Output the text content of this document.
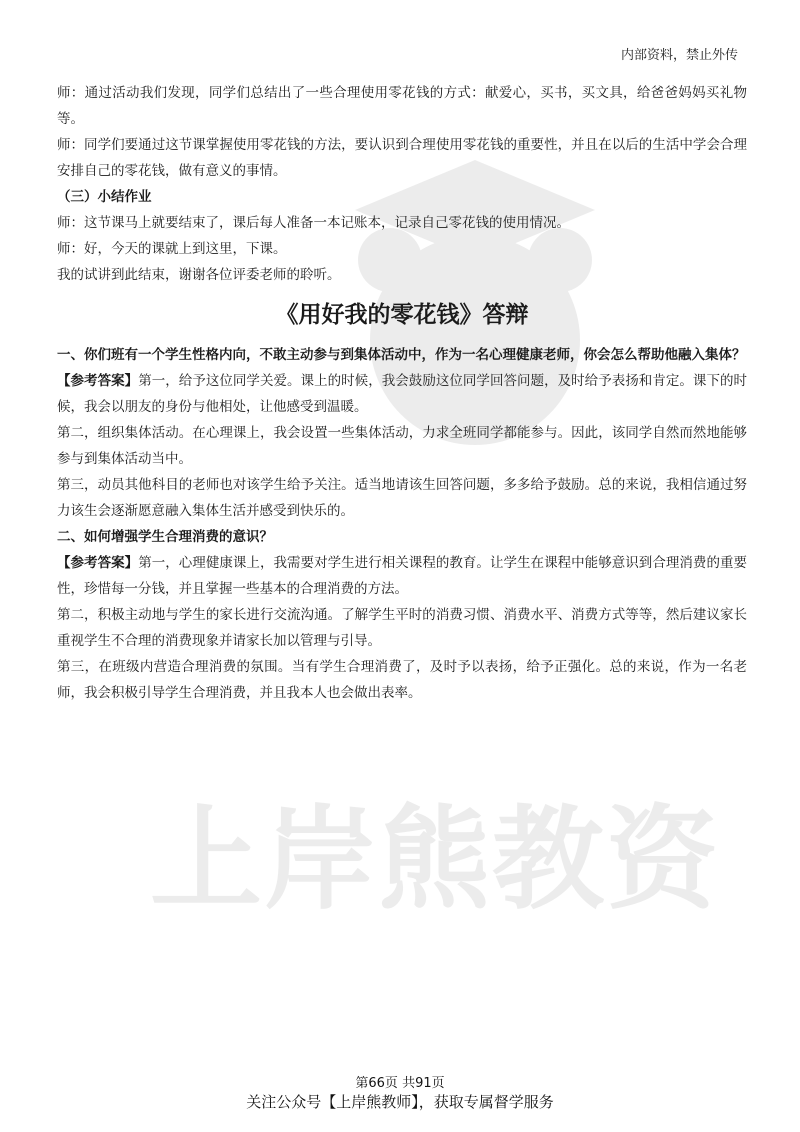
上岸熊教资
内部资料，禁止外传

师：通过活动我们发现，同学们总结出了一些合理使用零花钱的方式：献爱心，买书，买文具，给爸爸妈妈买礼物等。

师：同学们要通过这节课掌握使用零花钱的方法，要认识到合理使用零花钱的重要性，并且在以后的生活中学会合理安排自己的零花钱，做有意义的事情。

（三）小结作业

师：这节课马上就要结束了，课后每人准备一本记账本，记录自己零花钱的使用情况。

师：好，今天的课就上到这里，下课。

我的试讲到此结束，谢谢各位评委老师的聆听。

《用好我的零花钱》答辩

一、你们班有一个学生性格内向，不敢主动参与到集体活动中，作为一名心理健康老师，你会怎么帮助他融入集体？

【参考答案】第一，给予这位同学关爱。课上的时候，我会鼓励这位同学回答问题，及时给予表扬和肯定。课下的时候，我会以朋友的身份与他相处，让他感受到温暖。

第二，组织集体活动。在心理课上，我会设置一些集体活动，力求全班同学都能参与。因此，该同学自然而然地能够参与到集体活动当中。

第三，动员其他科目的老师也对该学生给予关注。适当地请该生回答问题，多多给予鼓励。总的来说，我相信通过努力该生会逐渐愿意融入集体生活并感受到快乐的。

二、如何增强学生合理消费的意识？

【参考答案】第一，心理健康课上，我需要对学生进行相关课程的教育。让学生在课程中能够意识到合理消费的重要性，珍惜每一分钱，并且掌握一些基本的合理消费的方法。

第二，积极主动地与学生的家长进行交流沟通。了解学生平时的消费习惯、消费水平、消费方式等等，然后建议家长重视学生不合理的消费现象并请家长加以管理与引导。

第三，在班级内营造合理消费的氛围。当有学生合理消费了，及时予以表扬，给予正强化。总的来说，作为一名老师，我会积极引导学生合理消费，并且我本人也会做出表率。

第66页 共91页
关注公众号【上岸熊教师】，获取专属督学服务
